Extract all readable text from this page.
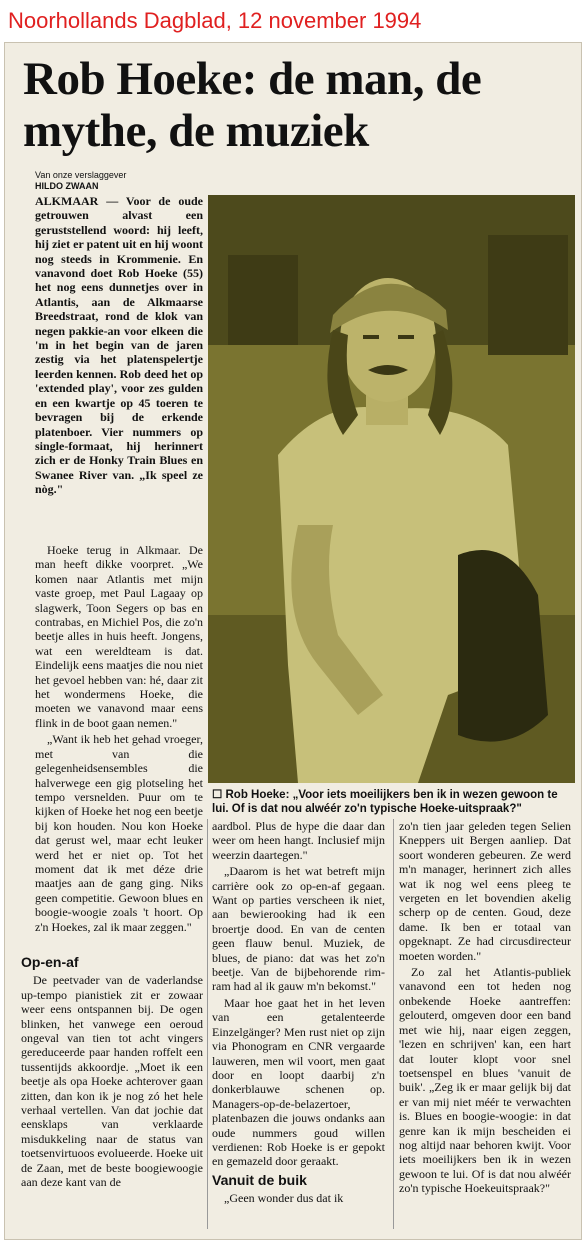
Noorhollands Dagblad, 12 november 1994
Rob Hoeke: de man, de mythe, de muziek
Van onze verslaggever
HILDO ZWAAN

ALKMAAR — Voor de oude getrouwen alvast een geruststellend woord: hij leeft, hij ziet er patent uit en hij woont nog steeds in Krommenie. En vanavond doet Rob Hoeke (55) het nog eens dunnetjes over in Atlantis, aan de Alkmaarse Breedstraat, rond de klok van negen pakkie-an voor elkeen die 'm in het begin van de jaren zestig via het platenspelertje leerden kennen. Rob deed het op 'extended play', voor zes gulden en een kwartje op 45 toeren te bevragen bij de erkende platenboer. Vier nummers op single-formaat, hij herinnert zich er de Honky Train Blues en Swanee River van. „Ik speel ze nòg."

Hoeke terug in Alkmaar. De man heeft dikke voorpret. „We komen naar Atlantis met mijn vaste groep, met Paul Lagaay op slagwerk, Toon Segers op bas en contrabas, en Michiel Pos, die zo'n beetje alles in huis heeft. Jongens, wat een wereldteam is dat. Eindelijk eens maatjes die nou niet het gevoel hebben van: hé, daar zit het wondermens Hoeke, die moeten we vanavond maar eens flink in de boot gaan nemen."

„Want ik heb het gehad vroeger, met van die gelegenheidsensembles die halverwege een gig plotseling het tempo versnelden. Puur om te kijken of Hoeke het nog een beetje bij kon houden. Nou kon Hoeke dat gerust wel, maar echt leuker werd het er niet op. Tot het moment dat ik met déze drie maatjes aan de gang ging. Niks geen competitie. Gewoon blues en boogie-woogie zoals 't hoort. Op z'n Hoekes, zal ik maar zeggen."

Op-en-af

De peetvader van de vaderlandse up-tempo pianistiek zit er zowaar weer eens ontspannen bij. De ogen blinken, het vanwege een oeroud ongeval van tien tot acht vingers gereduceerde paar handen roffelt een tussentijds akkoordje. „Moet ik een beetje als opa Hoeke achterover gaan zitten, dan kon ik je nog zó het hele verhaal vertellen. Van dat jochie dat eensklaps van verklaarde misdukkeling naar de status van toetsenvirtuoos evolueerde. Hoeke uit de Zaan, met de beste boogiewoogie aan deze kant van de

☐ Rob Hoeke: „Voor iets moeilijkers ben ik in wezen gewoon te lui. Of is dat nou alwéér zo'n typische Hoeke-uitspraak?"

aardbol. Plus de hype die daar dan weer om heen hangt. Inclusief mijn weerzin daartegen."

„Daarom is het wat betreft mijn carrière ook zo op-en-af gegaan. Want op parties verscheen ik niet, aan bewierooking had ik een broertje dood. En van de centen geen flauw benul. Muziek, de blues, de piano: dat was het zo'n beetje. Van de bijbehorende rim-ram had al ik gauw m'n bekomst."

Maar hoe gaat het in het leven van een getalenteerde Einzelgänger? Men rust niet op zijn via Phonogram en CNR vergaarde lauweren, men wil voort, men gaat door en loopt daarbij z'n donkerblauwe schenen op. Managers-op-de-belazertoer, platenbazen die jouws ondanks aan oude nummers goud willen verdienen: Rob Hoeke is er gepokt en gemazeld door geraakt.

Vanuit de buik

„Geen wonder dus dat ik

zo'n tien jaar geleden tegen Selien Kneppers uit Bergen aanliep. Dat soort wonderen gebeuren. Ze werd m'n manager, herinnert zich alles wat ik nog wel eens pleeg te vergeten en let bovendien akelig scherp op de centen. Goud, deze dame. Ik ben er totaal van opgeknapt. Ze had circusdirecteur moeten worden."

Zo zal het Atlantis-publiek vanavond een tot heden nog onbekende Hoeke aantreffen: gelouterd, omgeven door een band met wie hij, naar eigen zeggen, 'lezen en schrijven' kan, een hart dat louter klopt voor snel toetsenspel en blues 'vanuit de buik'. „Zeg ik er maar gelijk bij dat er van mij niet méér te verwachten is. Blues en boogie-woogie: in dat genre kan ik mijn bescheiden ei nog altijd naar behoren kwijt. Voor iets moeilijkers ben ik in wezen gewoon te lui. Of is dat nou alwéér zo'n typische Hoekeuitspraak?"
